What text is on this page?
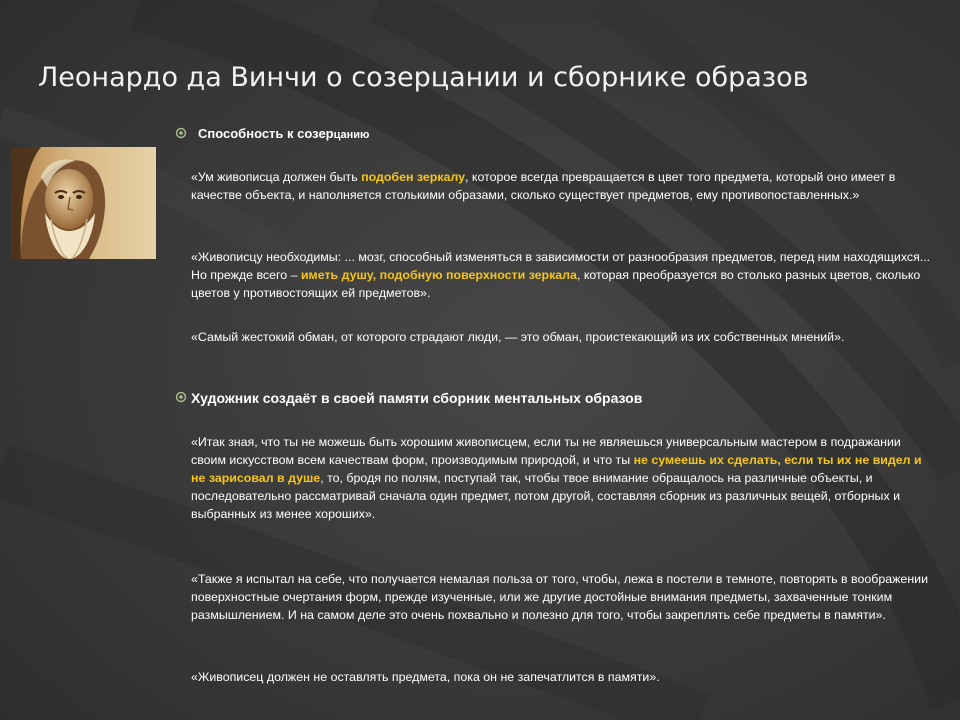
Леонардо да Винчи о созерцании и сборнике образов
Способность к созерцанию

«Ум живописца должен быть подобен зеркалу, которое всегда превращается в цвет того предмета, который оно имеет в качестве объекта, и наполняется столькими образами, сколько существует предметов, ему противопоставленных.»

«Живописцу необходимы: ... мозг, способный изменяться в зависимости от разнообразия предметов, перед ним находящихся... Но прежде всего – иметь душу, подобную поверхности зеркала, которая преобразуется во столько разных цветов, сколько цветов у противостоящих ей предметов».

«Самый жестокий обман, от которого страдают люди, — это обман, проистекающий из их собственных мнений».

Художник создаёт в своей памяти сборник ментальных образов

«Итак зная, что ты не можешь быть хорошим живописцем, если ты не являешься универсальным мастером в подражании своим искусством всем качествам форм, производимым природой, и что ты не сумеешь их сделать, если ты их не видел и не зарисовал в душе, то, бродя по полям, поступай так, чтобы твое внимание обращалось на различные объекты, и последовательно рассматривай сначала один предмет, потом другой, составляя сборник из различных вещей, отборных и выбранных из менее хороших».

«Также я испытал на себе, что получается немалая польза от того, чтобы, лежа в постели в темноте, повторять в воображении поверхностные очертания форм, прежде изученные, или же другие достойные внимания предметы, захваченные тонким размышлением. И на самом деле это очень похвально и полезно для того, чтобы закреплять себе предметы в памяти».

«Живописец должен не оставлять предмета, пока он не запечатлится в памяти».
